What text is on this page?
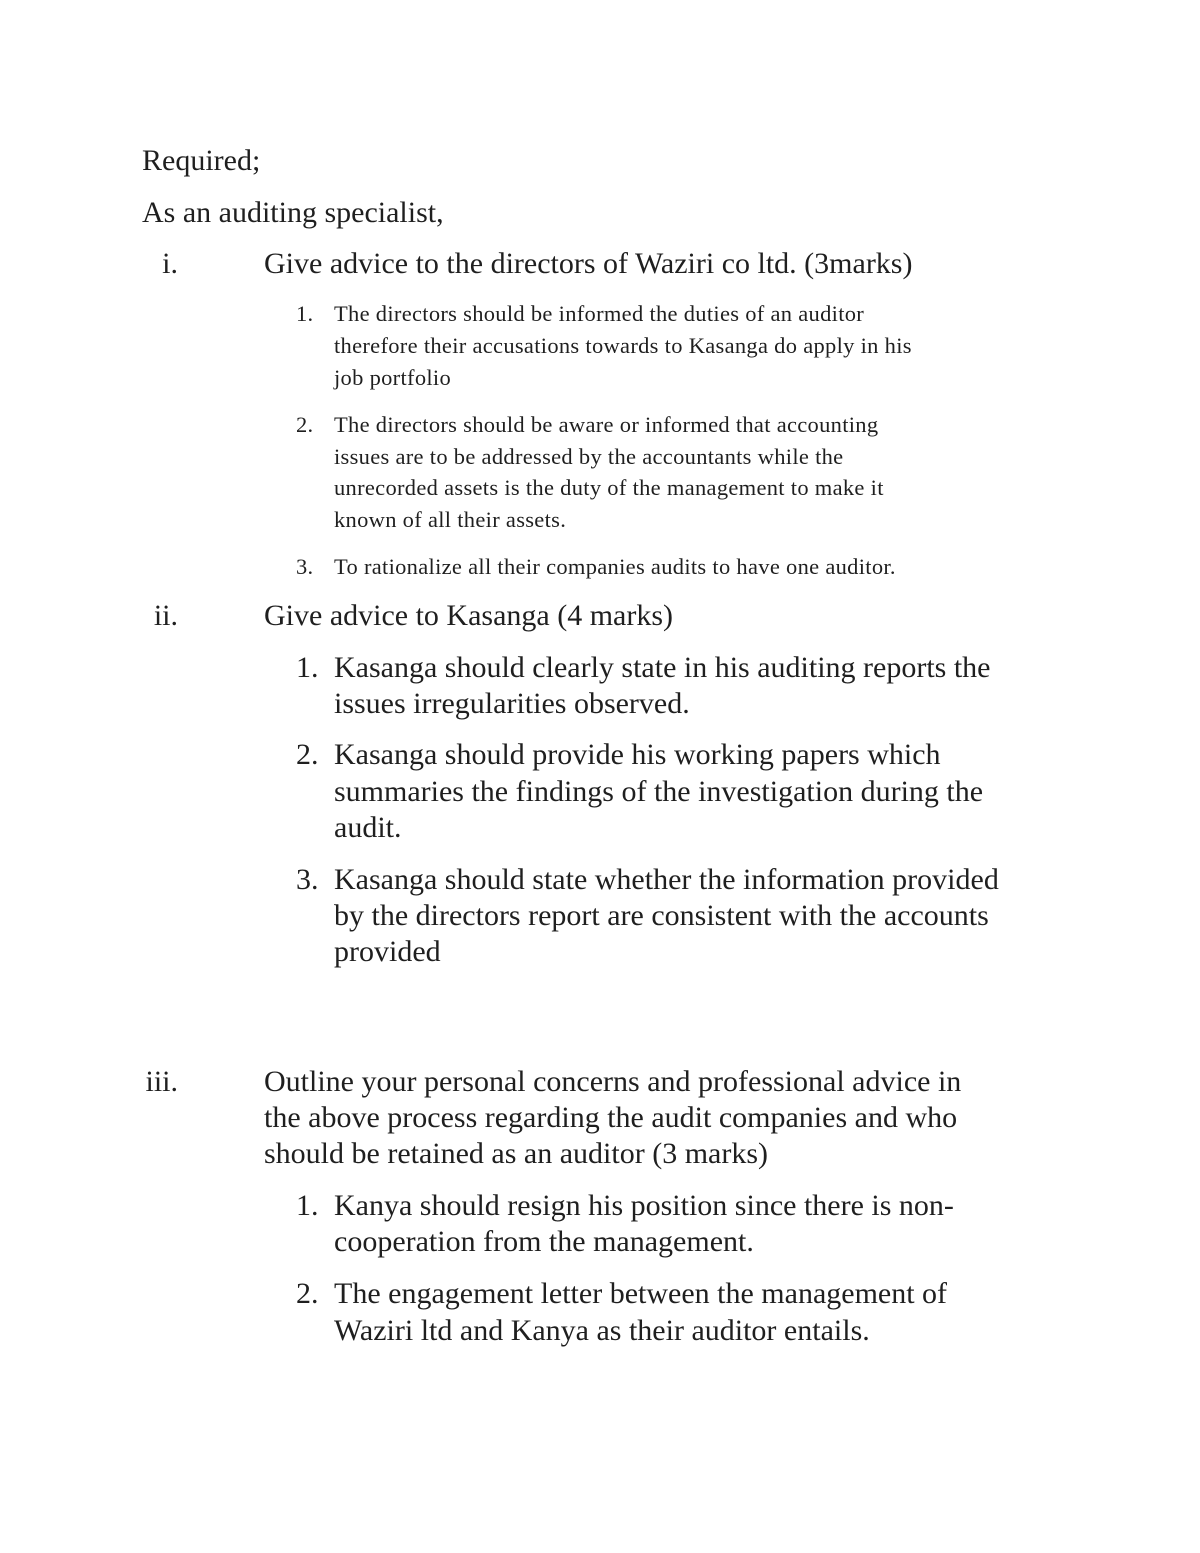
Required;

As an auditing specialist,

i.	Give advice to the directors of Waziri co ltd. (3marks)
1. The directors should be informed the duties of an auditor
therefore their accusations towards to Kasanga do apply in his
job portfolio
2. The directors should be aware or informed that accounting
issues are to be addressed by the accountants while the
unrecorded assets is the duty of the management to make it
known of all their assets.
3. To rationalize all their companies audits to have one auditor.
ii.	Give advice to Kasanga (4 marks)
1. Kasanga should clearly state in his auditing reports the
issues irregularities observed.
2. Kasanga should provide his working papers which
summaries the findings of the investigation during the
audit.
3. Kasanga should state whether the information provided
by the directors report are consistent with the accounts
provided
iii.	Outline your personal concerns and professional advice in
the above process regarding the audit companies and who
should be retained as an auditor (3 marks)
1. Kanya should resign his position since there is non-
cooperation from the management.
2. The engagement letter between the management of
Waziri ltd and Kanya as their auditor entails.
